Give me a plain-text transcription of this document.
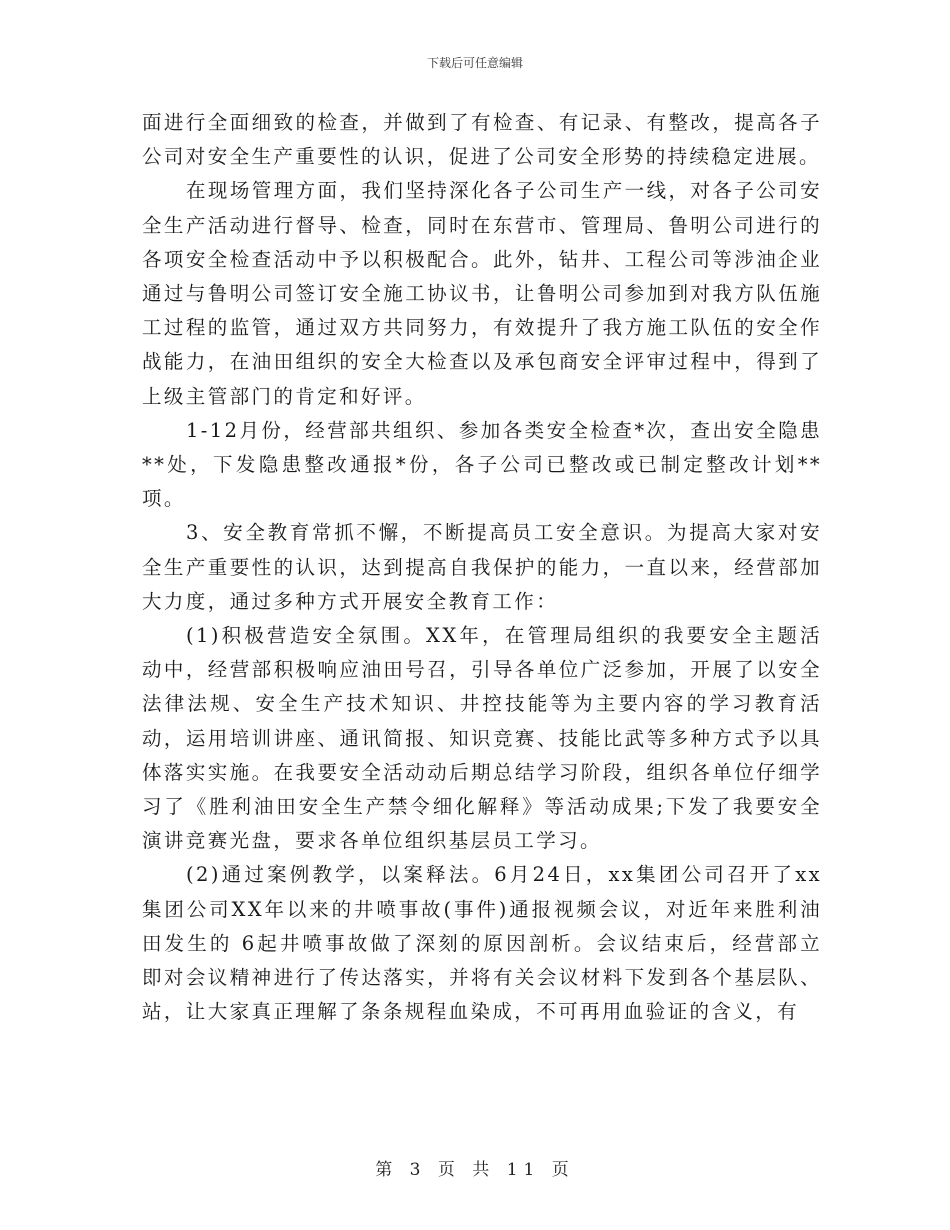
下载后可任意编辑

面进行全面细致的检查，并做到了有检查、有记录、有整改，提高各子公司对安全生产重要性的认识，促进了公司安全形势的持续稳定进展。

在现场管理方面，我们坚持深化各子公司生产一线，对各子公司安全生产活动进行督导、检查，同时在东营市、管理局、鲁明公司进行的各项安全检查活动中予以积极配合。此外，钻井、工程公司等涉油企业通过与鲁明公司签订安全施工协议书，让鲁明公司参加到对我方队伍施工过程的监管，通过双方共同努力，有效提升了我方施工队伍的安全作战能力，在油田组织的安全大检查以及承包商安全评审过程中，得到了上级主管部门的肯定和好评。

1-12月份，经营部共组织、参加各类安全检查*次，查出安全隐患**处，下发隐患整改通报*份，各子公司已整改或已制定整改计划**项。

3、安全教育常抓不懈，不断提高员工安全意识。为提高大家对安全生产重要性的认识，达到提高自我保护的能力，一直以来，经营部加大力度，通过多种方式开展安全教育工作：

(1)积极营造安全氛围。XX年，在管理局组织的我要安全主题活动中，经营部积极响应油田号召，引导各单位广泛参加，开展了以安全法律法规、安全生产技术知识、井控技能等为主要内容的学习教育活动，运用培训讲座、通讯简报、知识竞赛、技能比武等多种方式予以具体落实实施。在我要安全活动动后期总结学习阶段，组织各单位仔细学习了《胜利油田安全生产禁令细化解释》等活动成果;下发了我要安全演讲竞赛光盘，要求各单位组织基层员工学习。

(2)通过案例教学，以案释法。6月24日，xx集团公司召开了xx集团公司XX年以来的井喷事故(事件)通报视频会议，对近年来胜利油田发生的 6起井喷事故做了深刻的原因剖析。会议结束后，经营部立即对会议精神进行了传达落实，并将有关会议材料下发到各个基层队、站，让大家真正理解了条条规程血染成，不可再用血验证的含义，有

第 3 页 共 11 页
